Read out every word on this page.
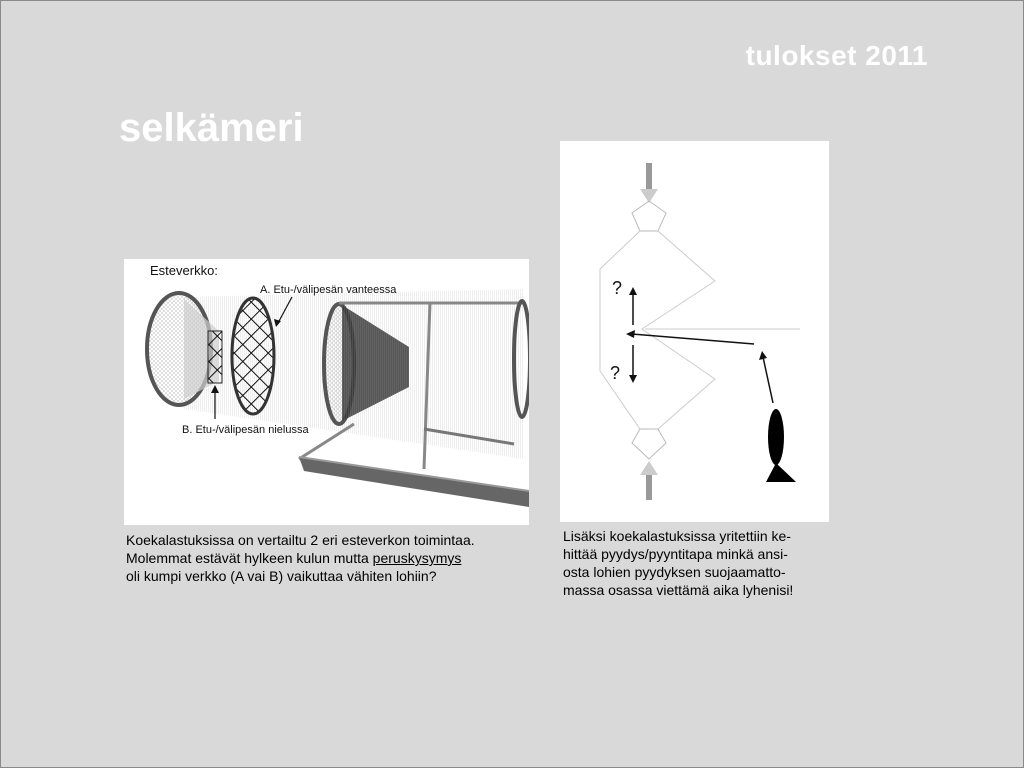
tulokset 2011
selkämeri
Esteverkko:
A. Etu-/välipesän vanteessa
B. Etu-/välipesän nielussa
?
?
Koekalastuksissa on vertailtu 2 eri esteverkon toimintaa.
Molemmat estävät hylkeen kulun mutta peruskysymys
oli kumpi verkko (A vai B) vaikuttaa vähiten lohiin?
Lisäksi koekalastuksissa yritettiin ke-
hittää pyydys/pyyntitapa minkä ansi-
osta lohien pyydyksen suojaamatto-
massa osassa viettämä aika lyhenisi!
